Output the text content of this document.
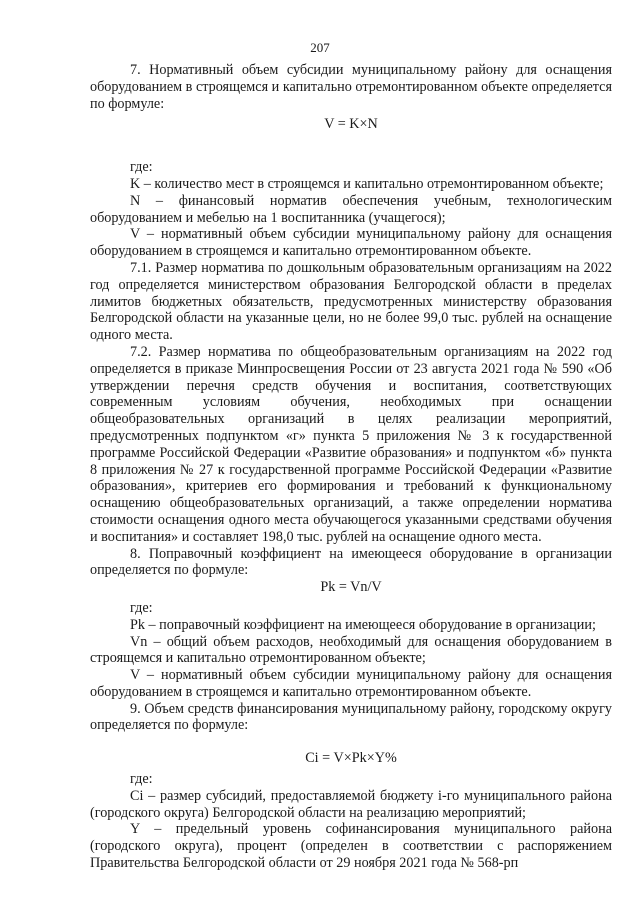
207

7. Нормативный объем субсидии муниципальному району для оснащения оборудованием в строящемся и капитально отремонтированном объекте определяется по формуле:

V = K×N

где:

K – количество мест в строящемся и капитально отремонтированном объекте;

N – финансовый норматив обеспечения учебным, технологическим оборудованием и мебелью на 1 воспитанника (учащегося);

V – нормативный объем субсидии муниципальному району для оснащения оборудованием в строящемся и капитально отремонтированном объекте.

7.1. Размер норматива по дошкольным образовательным организациям на 2022 год определяется министерством образования Белгородской области в пределах лимитов бюджетных обязательств, предусмотренных министерству образования Белгородской области на указанные цели, но не более 99,0 тыс. рублей на оснащение одного места.

7.2. Размер норматива по общеобразовательным организациям на 2022 год определяется в приказе Минпросвещения России от 23 августа 2021 года № 590 «Об утверждении перечня средств обучения и воспитания, соответствующих современным условиям обучения, необходимых при оснащении общеобразовательных организаций в целях реализации мероприятий, предусмотренных подпунктом «г» пункта 5 приложения № 3 к государственной программе Российской Федерации «Развитие образования» и подпунктом «б» пункта 8 приложения № 27 к государственной программе Российской Федерации «Развитие образования», критериев его формирования и требований к функциональному оснащению общеобразовательных организаций, а также определении норматива стоимости оснащения одного места обучающегося указанными средствами обучения и воспитания» и составляет 198,0 тыс. рублей на оснащение одного места.

8. Поправочный коэффициент на имеющееся оборудование в организации определяется по формуле:

Pk = Vn/V

где:

Pk – поправочный коэффициент на имеющееся оборудование в организации;

Vn – общий объем расходов, необходимый для оснащения оборудованием в строящемся и капитально отремонтированном объекте;

V – нормативный объем субсидии муниципальному району для оснащения оборудованием в строящемся и капитально отремонтированном объекте.

9. Объем средств финансирования муниципальному району, городскому округу определяется по формуле:

Ci = V×Pk×Y%

где:

Ci – размер субсидий, предоставляемой бюджету i-го муниципального района (городского округа) Белгородской области на реализацию мероприятий;

Y – предельный уровень софинансирования муниципального района (городского округа), процент (определен в соответствии с распоряжением Правительства Белгородской области от 29 ноября 2021 года № 568-рп
